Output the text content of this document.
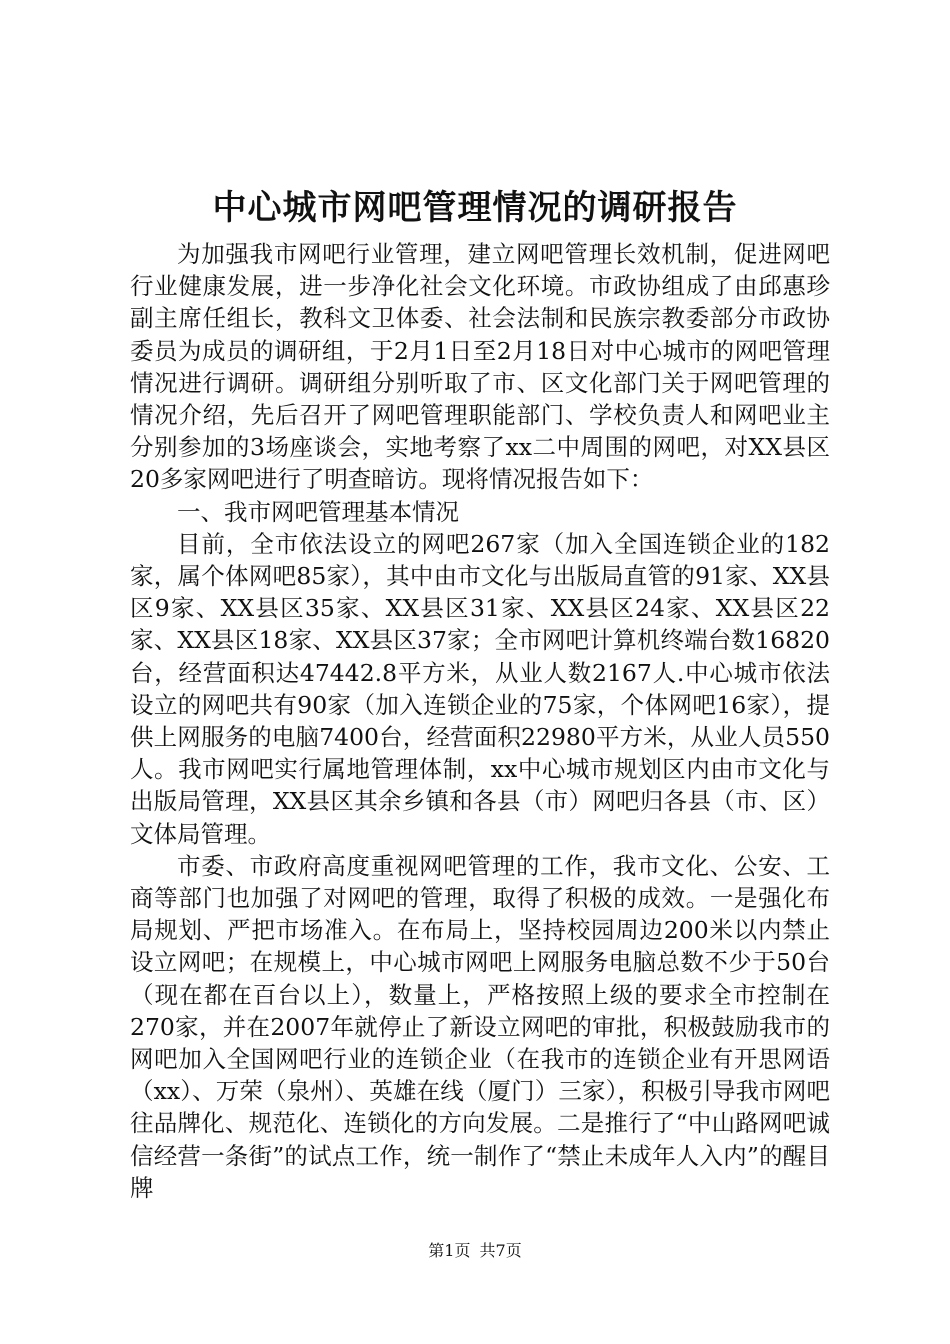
中心城市网吧管理情况的调研报告

为加强我市网吧行业管理，建立网吧管理长效机制，促进网吧行业健康发展，进一步净化社会文化环境。市政协组成了由邱惠珍副主席任组长，教科文卫体委、社会法制和民族宗教委部分市政协委员为成员的调研组，于2月1日至2月18日对中心城市的网吧管理情况进行调研。调研组分别听取了市、区文化部门关于网吧管理的情况介绍，先后召开了网吧管理职能部门、学校负责人和网吧业主分别参加的3场座谈会，实地考察了xx二中周围的网吧，对XX县区20多家网吧进行了明查暗访。现将情况报告如下：

一、我市网吧管理基本情况

目前，全市依法设立的网吧267家（加入全国连锁企业的182家，属个体网吧85家），其中由市文化与出版局直管的91家、XX县区9家、XX县区35家、XX县区31家、XX县区24家、XX县区22家、XX县区18家、XX县区37家；全市网吧计算机终端台数16820台，经营面积达47442.8平方米，从业人数2167人.中心城市依法设立的网吧共有90家（加入连锁企业的75家，个体网吧16家），提供上网服务的电脑7400台，经营面积22980平方米，从业人员550人。我市网吧实行属地管理体制，xx中心城市规划区内由市文化与出版局管理，XX县区其余乡镇和各县（市）网吧归各县（市、区）文体局管理。

市委、市政府高度重视网吧管理的工作，我市文化、公安、工商等部门也加强了对网吧的管理，取得了积极的成效。一是强化布局规划、严把市场准入。在布局上，坚持校园周边200米以内禁止设立网吧；在规模上，中心城市网吧上网服务电脑总数不少于50台（现在都在百台以上），数量上，严格按照上级的要求全市控制在270家，并在2007年就停止了新设立网吧的审批，积极鼓励我市的网吧加入全国网吧行业的连锁企业（在我市的连锁企业有开思网语（xx）、万荣（泉州）、英雄在线（厦门）三家），积极引导我市网吧往品牌化、规范化、连锁化的方向发展。二是推行了“中山路网吧诚信经营一条街”的试点工作，统一制作了“禁止未成年人入内”的醒目牌

第1页 共7页
